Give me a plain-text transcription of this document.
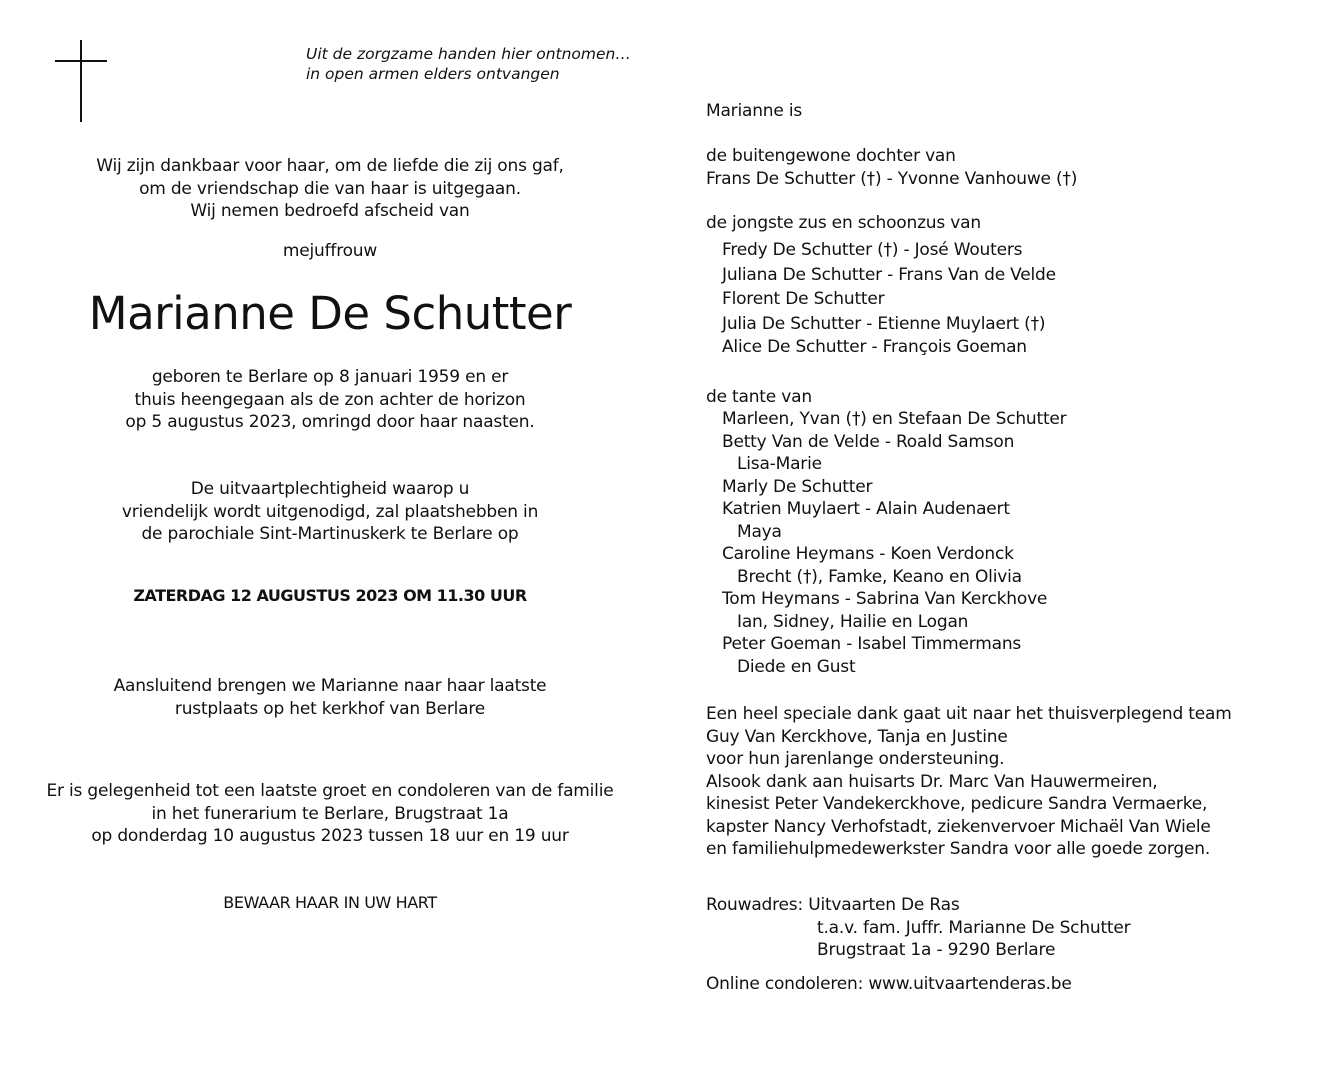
Uit de zorgzame handen hier ontnomen…
in open armen elders ontvangen
Wij zijn dankbaar voor haar, om de liefde die zij ons gaf,
om de vriendschap die van haar is uitgegaan.
Wij nemen bedroefd afscheid van
mejuffrouw
Marianne De Schutter
geboren te Berlare op 8 januari 1959 en er
thuis heengegaan als de zon achter de horizon
op 5 augustus 2023, omringd door haar naasten.
De uitvaartplechtigheid waarop u
vriendelijk wordt uitgenodigd, zal plaatshebben in
de parochiale Sint-Martinuskerk te Berlare op
ZATERDAG 12 AUGUSTUS 2023 OM 11.30 UUR
Aansluitend brengen we Marianne naar haar laatste
rustplaats op het kerkhof van Berlare
Er is gelegenheid tot een laatste groet en condoleren van de familie
in het funerarium te Berlare, Brugstraat 1a
op donderdag 10 augustus 2023 tussen 18 uur en 19 uur
BEWAAR HAAR IN UW HART
Marianne is
de buitengewone dochter van
Frans De Schutter (†) - Yvonne Vanhouwe (†)
de jongste zus en schoonzus van
Fredy De Schutter (†) - José Wouters
Juliana De Schutter - Frans Van de Velde
Florent De Schutter
Julia De Schutter - Etienne Muylaert (†)
Alice De Schutter - François Goeman
de tante van
Marleen, Yvan (†) en Stefaan De Schutter
Betty Van de Velde - Roald Samson
Lisa-Marie
Marly De Schutter
Katrien Muylaert - Alain Audenaert
Maya
Caroline Heymans - Koen Verdonck
Brecht (†), Famke, Keano en Olivia
Tom Heymans - Sabrina Van Kerckhove
Ian, Sidney, Hailie en Logan
Peter Goeman - Isabel Timmermans
Diede en Gust
Een heel speciale dank gaat uit naar het thuisverplegend team
Guy Van Kerckhove, Tanja en Justine
voor hun jarenlange ondersteuning.
Alsook dank aan huisarts Dr. Marc Van Hauwermeiren,
kinesist Peter Vandekerckhove, pedicure Sandra Vermaerke,
kapster Nancy Verhofstadt, ziekenvervoer Michaël Van Wiele
en familiehulpmedewerkster Sandra voor alle goede zorgen.
Rouwadres: Uitvaarten De Ras
t.a.v. fam. Juffr. Marianne De Schutter
Brugstraat 1a - 9290 Berlare
Online condoleren: www.uitvaartenderas.be
